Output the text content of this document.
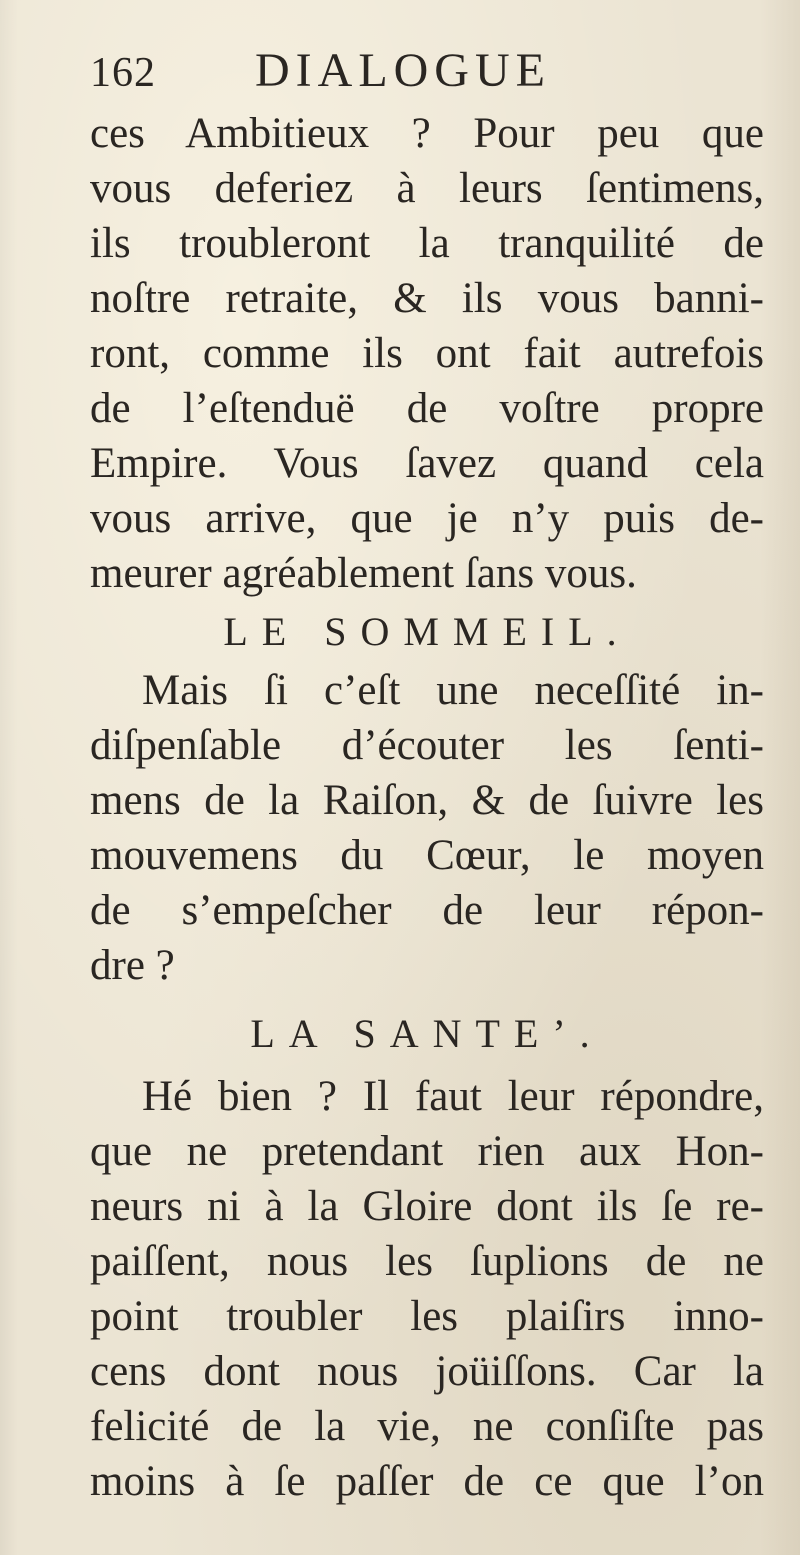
162	DIALOGUE
ces Ambitieux ? Pour peu que
vous deferiez à leurs ſentimens,
ils troubleront la tranquilité de
noſtre retraite, & ils vous banni-
ront, comme ils ont fait autrefois
de l’eſtenduë de voſtre propre
Empire. Vous ſavez quand cela
vous arrive, que je n’y puis de-
meurer agréablement ſans vous.
LE SOMMEIL.
Mais ſi c’eſt une neceſſité in-
diſpenſable d’écouter les ſenti-
mens de la Raiſon, & de ſuivre les
mouvemens du Cœur, le moyen
de s’empeſcher de leur répon-
dre ?
LA SANTE’.
Hé bien ? Il faut leur répondre,
que ne pretendant rien aux Hon-
neurs ni à la Gloire dont ils ſe re-
paiſſent, nous les ſuplions de ne
point troubler les plaiſirs inno-
cens dont nous joüiſſons. Car la
felicité de la vie, ne conſiſte pas
moins à ſe paſſer de ce que l’on
